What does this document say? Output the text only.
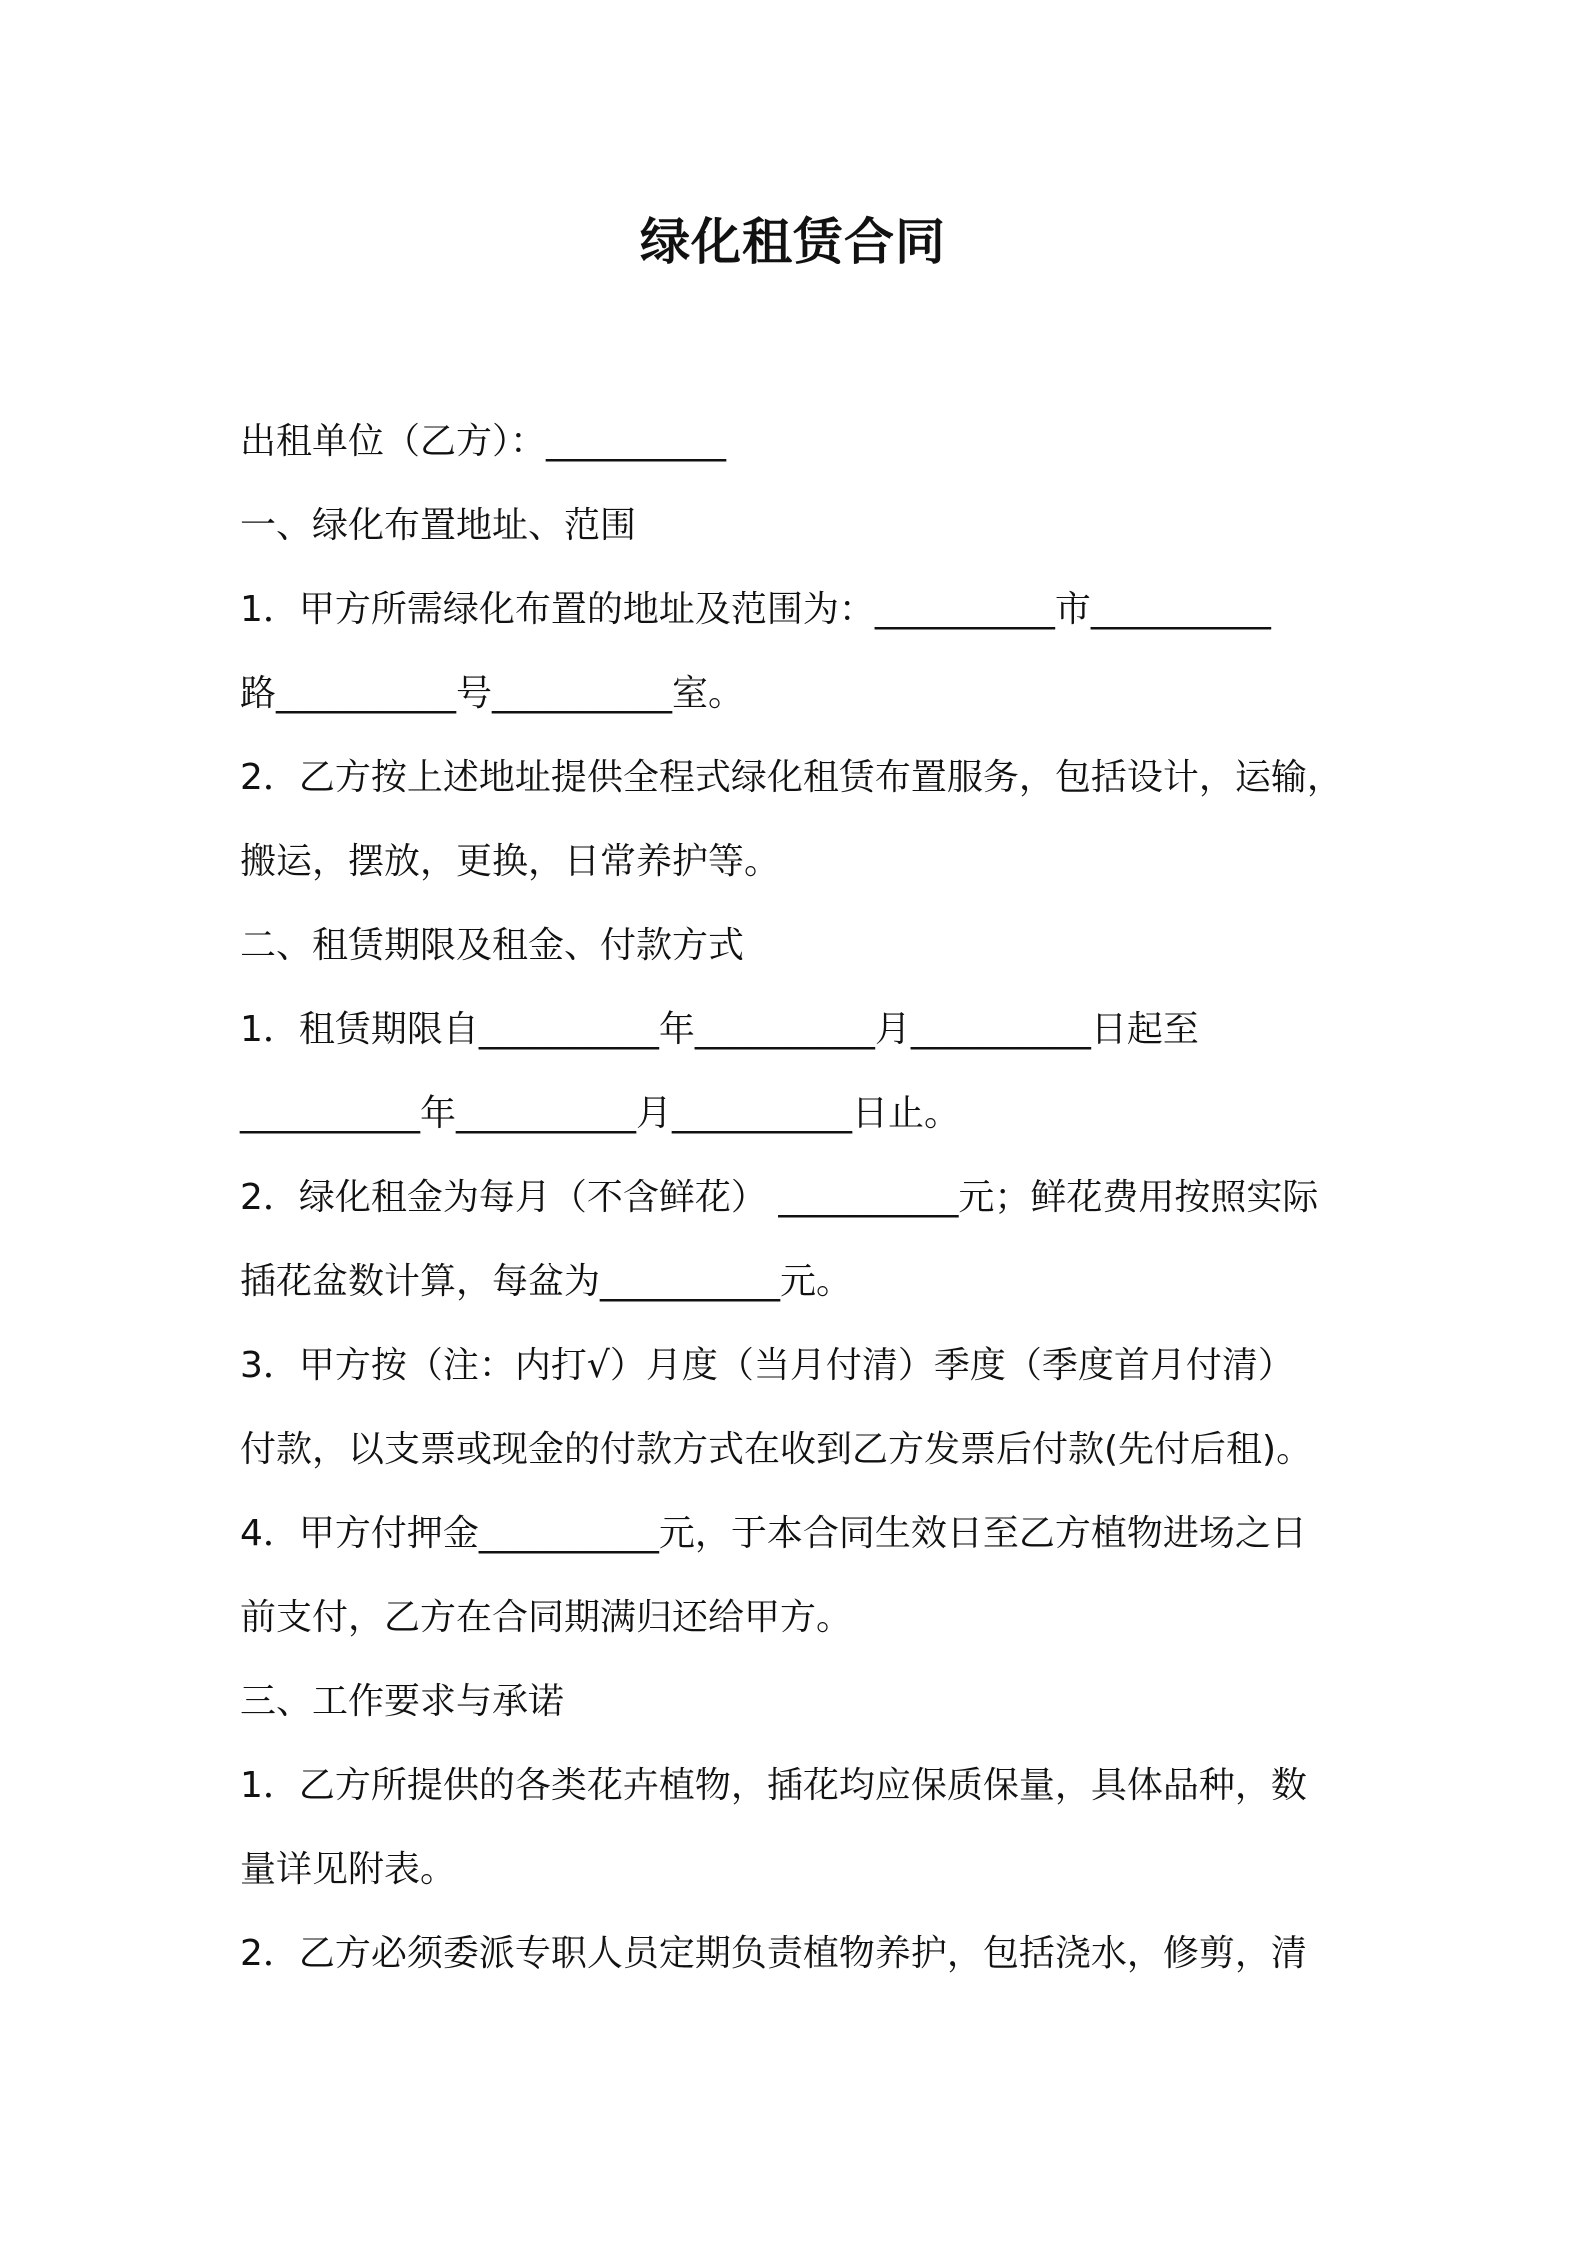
绿化租赁合同
出租单位（乙方）：__________
一、绿化布置地址、范围
1．甲方所需绿化布置的地址及范围为：__________市__________
路__________号__________室。
2．乙方按上述地址提供全程式绿化租赁布置服务，包括设计，运输，
搬运，摆放，更换，日常养护等。
二、租赁期限及租金、付款方式
1．租赁期限自__________年__________月__________日起至
__________年__________月__________日止。
2．绿化租金为每月（不含鲜花） __________元；鲜花费用按照实际
插花盆数计算，每盆为__________元。
3．甲方按（注：内打√）月度（当月付清）季度（季度首月付清）
付款，以支票或现金的付款方式在收到乙方发票后付款(先付后租)。
4．甲方付押金__________元，于本合同生效日至乙方植物进场之日
前支付，乙方在合同期满归还给甲方。
三、工作要求与承诺
1．乙方所提供的各类花卉植物，插花均应保质保量，具体品种，数
量详见附表。
2．乙方必须委派专职人员定期负责植物养护，包括浇水，修剪，清
